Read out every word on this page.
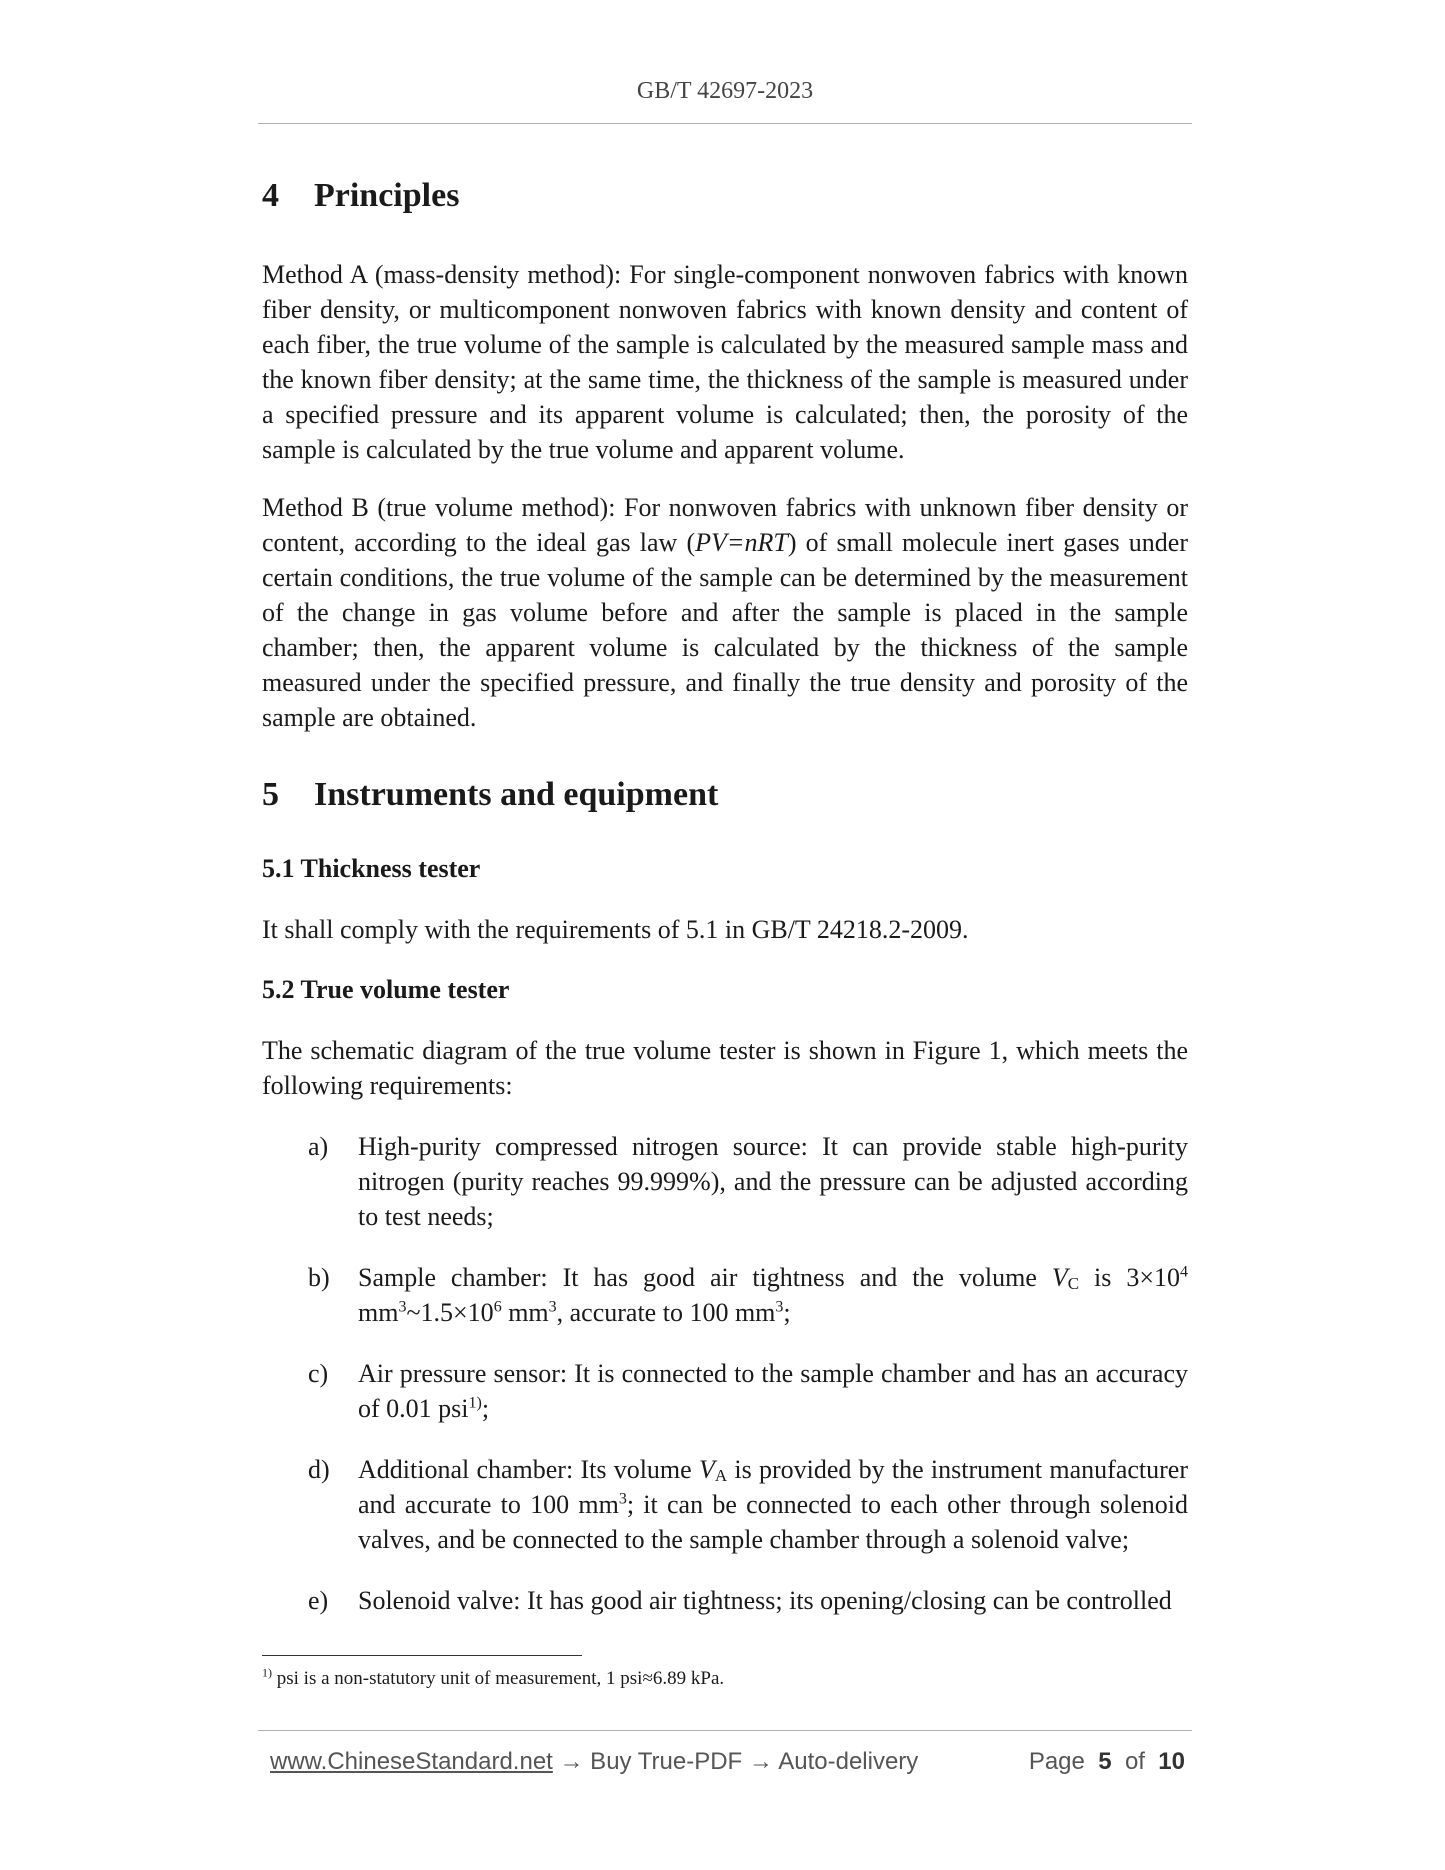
GB/T 42697-2023
4 Principles

Method A (mass-density method): For single-component nonwoven fabrics with known fiber density, or multicomponent nonwoven fabrics with known density and content of each fiber, the true volume of the sample is calculated by the measured sample mass and the known fiber density; at the same time, the thickness of the sample is measured under a specified pressure and its apparent volume is calculated; then, the porosity of the sample is calculated by the true volume and apparent volume.

Method B (true volume method): For nonwoven fabrics with unknown fiber density or content, according to the ideal gas law (PV=nRT) of small molecule inert gases under certain conditions, the true volume of the sample can be determined by the measurement of the change in gas volume before and after the sample is placed in the sample chamber; then, the apparent volume is calculated by the thickness of the sample measured under the specified pressure, and finally the true density and porosity of the sample are obtained.

5 Instruments and equipment
5.1 Thickness tester

It shall comply with the requirements of 5.1 in GB/T 24218.2-2009.

5.2 True volume tester

The schematic diagram of the true volume tester is shown in Figure 1, which meets the following requirements:

a) High-purity compressed nitrogen source: It can provide stable high-purity nitrogen (purity reaches 99.999%), and the pressure can be adjusted according to test needs;
b) Sample chamber: It has good air tightness and the volume $V_C$ is $3\times 10^4$ $mm^3\sim 1.5\times 10^6$ $mm^3$, accurate to 100 $mm^3$;
c) Air pressure sensor: It is connected to the sample chamber and has an accuracy of 0.01 psi$^{1)}$;
d) Additional chamber: Its volume $V_A$ is provided by the instrument manufacturer and accurate to 100 $mm^3$; it can be connected to each other through solenoid valves, and be connected to the sample chamber through a solenoid valve;
e) Solenoid valve: It has good air tightness; its opening/closing can be controlled
$^{1)}$ psi is a non-statutory unit of measurement, 1 psi≈6.89 kPa.
www.ChineseStandard.net → Buy True-PDF → Auto-delivery	Page 5 of 10
